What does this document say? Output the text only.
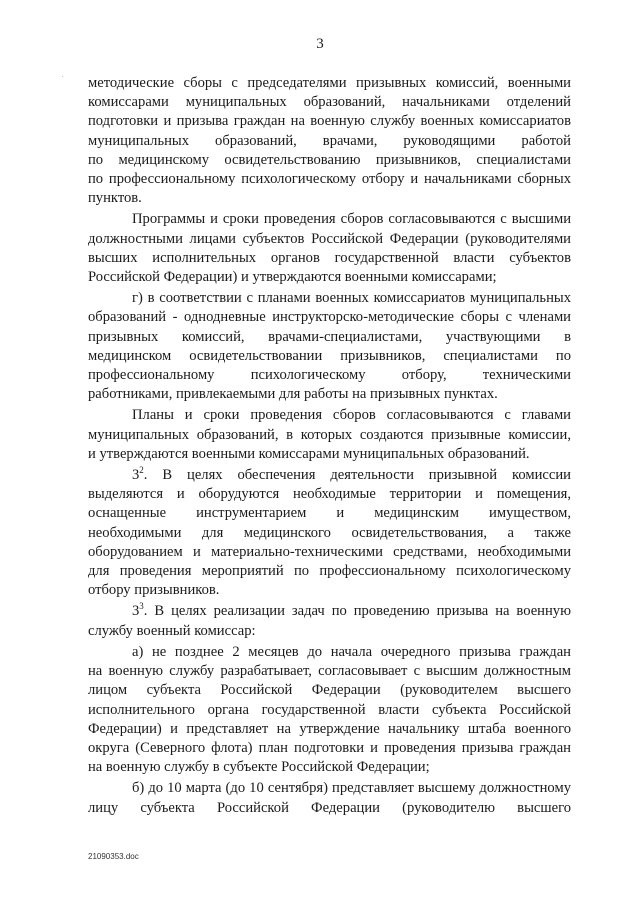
3
методические сборы с председателями призывных комиссий, военными
комиссарами муниципальных образований, начальниками отделений
подготовки и призыва граждан на военную службу военных комиссариатов
муниципальных образований, врачами, руководящими работой
по медицинскому освидетельствованию призывников, специалистами
по профессиональному психологическому отбору и начальниками сборных
пунктов.
Программы и сроки проведения сборов согласовываются с высшими
должностными лицами субъектов Российской Федерации (руководителями
высших исполнительных органов государственной власти субъектов
Российской Федерации) и утверждаются военными комиссарами;
г) в соответствии с планами военных комиссариатов муниципальных
образований - однодневные инструкторско-методические сборы с членами
призывных комиссий, врачами-специалистами, участвующими в
медицинском освидетельствовании призывников, специалистами по
профессиональному психологическому отбору, техническими
работниками, привлекаемыми для работы на призывных пунктах.
Планы и сроки проведения сборов согласовываются с главами
муниципальных образований, в которых создаются призывные комиссии,
и утверждаются военными комиссарами муниципальных образований.
$3^2$. В целях обеспечения деятельности призывной комиссии
выделяются и оборудуются необходимые территории и помещения,
оснащенные инструментарием и медицинским имуществом,
необходимыми для медицинского освидетельствования, а также
оборудованием и материально-техническими средствами, необходимыми
для проведения мероприятий по профессиональному психологическому
отбору призывников.
$3^3$. В целях реализации задач по проведению призыва на военную
службу военный комиссар:
а) не позднее 2 месяцев до начала очередного призыва граждан
на военную службу разрабатывает, согласовывает с высшим должностным
лицом субъекта Российской Федерации (руководителем высшего
исполнительного органа государственной власти субъекта Российской
Федерации) и представляет на утверждение начальнику штаба военного
округа (Северного флота) план подготовки и проведения призыва граждан
на военную службу в субъекте Российской Федерации;
б) до 10 марта (до 10 сентября) представляет высшему должностному
лицу субъекта Российской Федерации (руководителю высшего
21090353.doc
